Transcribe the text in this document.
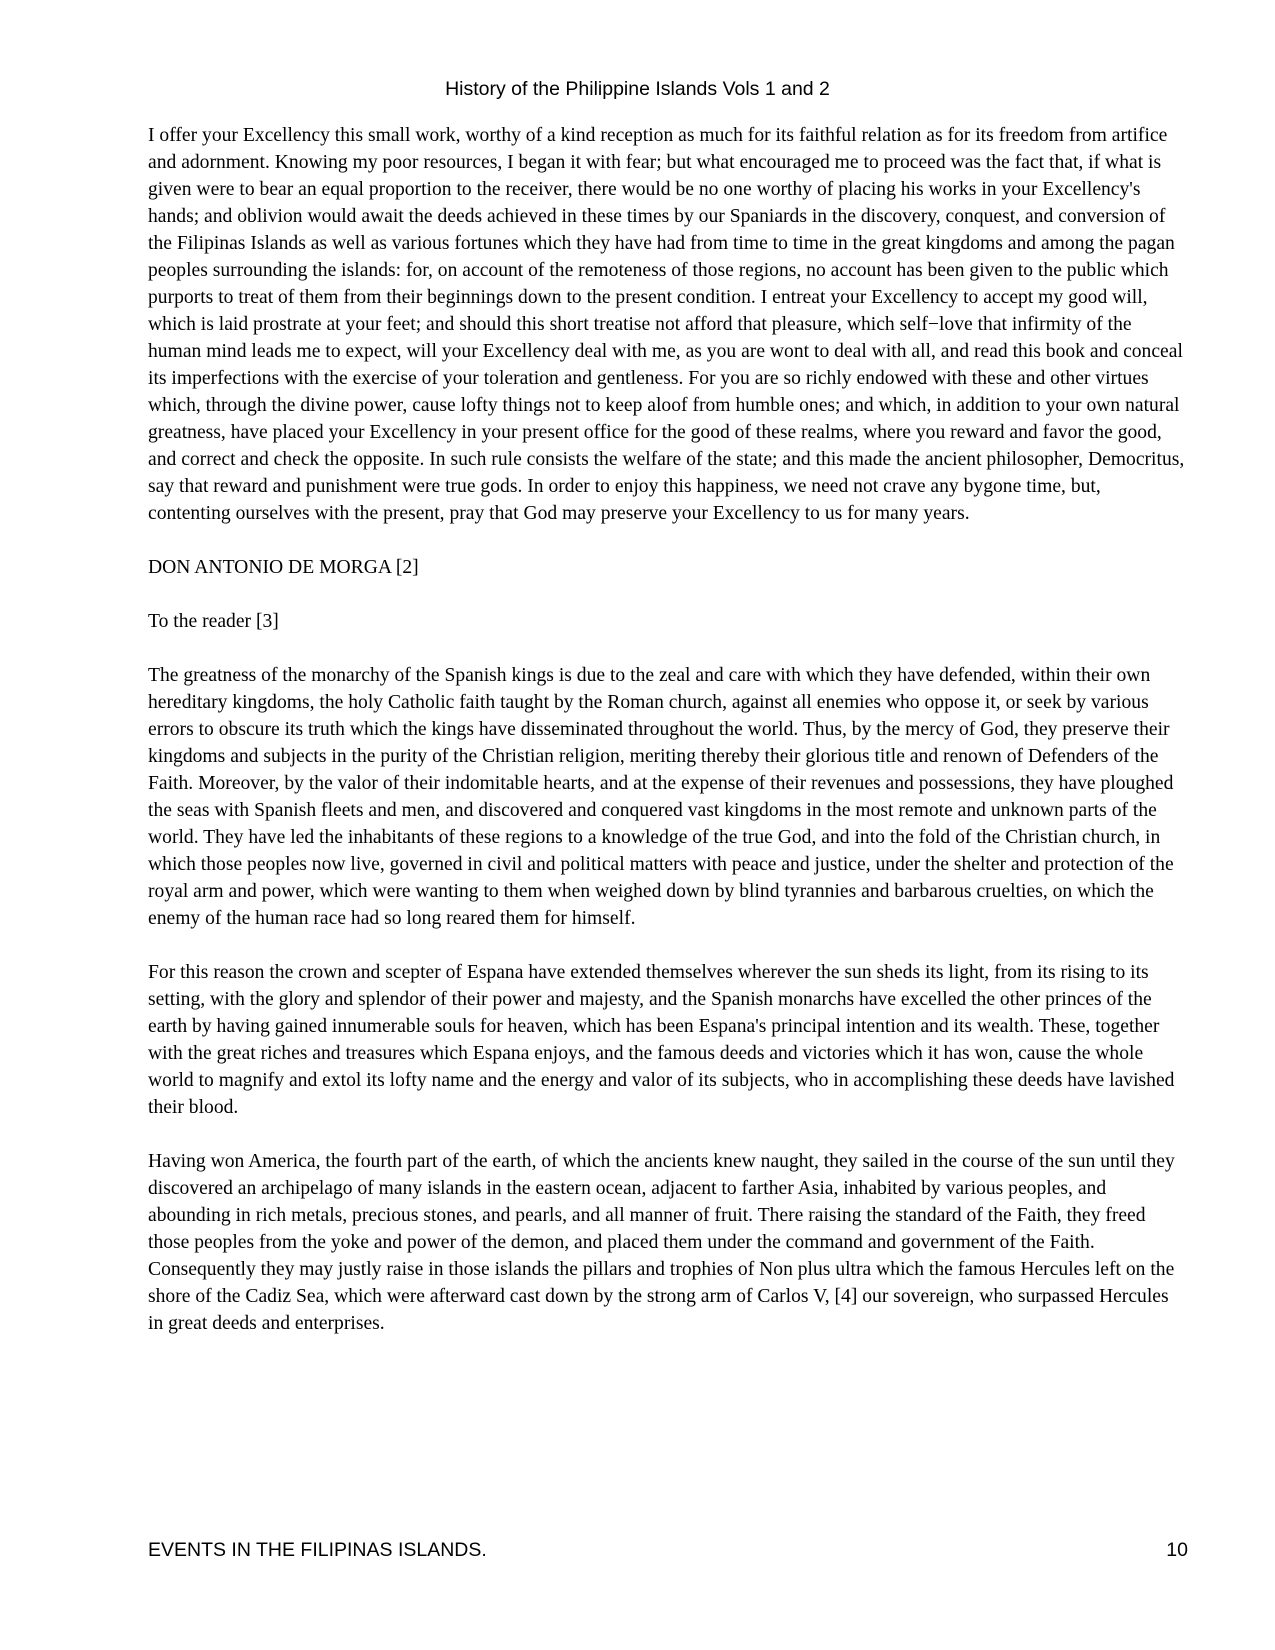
History of the Philippine Islands Vols 1 and 2

I offer your Excellency this small work, worthy of a kind reception as much for its faithful relation as for its freedom from artifice and adornment. Knowing my poor resources, I began it with fear; but what encouraged me to proceed was the fact that, if what is given were to bear an equal proportion to the receiver, there would be no one worthy of placing his works in your Excellency's hands; and oblivion would await the deeds achieved in these times by our Spaniards in the discovery, conquest, and conversion of the Filipinas Islands as well as various fortunes which they have had from time to time in the great kingdoms and among the pagan peoples surrounding the islands: for, on account of the remoteness of those regions, no account has been given to the public which purports to treat of them from their beginnings down to the present condition. I entreat your Excellency to accept my good will, which is laid prostrate at your feet; and should this short treatise not afford that pleasure, which self−love that infirmity of the human mind leads me to expect, will your Excellency deal with me, as you are wont to deal with all, and read this book and conceal its imperfections with the exercise of your toleration and gentleness. For you are so richly endowed with these and other virtues which, through the divine power, cause lofty things not to keep aloof from humble ones; and which, in addition to your own natural greatness, have placed your Excellency in your present office for the good of these realms, where you reward and favor the good, and correct and check the opposite. In such rule consists the welfare of the state; and this made the ancient philosopher, Democritus, say that reward and punishment were true gods. In order to enjoy this happiness, we need not crave any bygone time, but, contenting ourselves with the present, pray that God may preserve your Excellency to us for many years.

DON ANTONIO DE MORGA [2]

To the reader [3]

The greatness of the monarchy of the Spanish kings is due to the zeal and care with which they have defended, within their own hereditary kingdoms, the holy Catholic faith taught by the Roman church, against all enemies who oppose it, or seek by various errors to obscure its truth which the kings have disseminated throughout the world. Thus, by the mercy of God, they preserve their kingdoms and subjects in the purity of the Christian religion, meriting thereby their glorious title and renown of Defenders of the Faith. Moreover, by the valor of their indomitable hearts, and at the expense of their revenues and possessions, they have ploughed the seas with Spanish fleets and men, and discovered and conquered vast kingdoms in the most remote and unknown parts of the world. They have led the inhabitants of these regions to a knowledge of the true God, and into the fold of the Christian church, in which those peoples now live, governed in civil and political matters with peace and justice, under the shelter and protection of the royal arm and power, which were wanting to them when weighed down by blind tyrannies and barbarous cruelties, on which the enemy of the human race had so long reared them for himself.

For this reason the crown and scepter of Espana have extended themselves wherever the sun sheds its light, from its rising to its setting, with the glory and splendor of their power and majesty, and the Spanish monarchs have excelled the other princes of the earth by having gained innumerable souls for heaven, which has been Espana's principal intention and its wealth. These, together with the great riches and treasures which Espana enjoys, and the famous deeds and victories which it has won, cause the whole world to magnify and extol its lofty name and the energy and valor of its subjects, who in accomplishing these deeds have lavished their blood.

Having won America, the fourth part of the earth, of which the ancients knew naught, they sailed in the course of the sun until they discovered an archipelago of many islands in the eastern ocean, adjacent to farther Asia, inhabited by various peoples, and abounding in rich metals, precious stones, and pearls, and all manner of fruit. There raising the standard of the Faith, they freed those peoples from the yoke and power of the demon, and placed them under the command and government of the Faith. Consequently they may justly raise in those islands the pillars and trophies of Non plus ultra which the famous Hercules left on the shore of the Cadiz Sea, which were afterward cast down by the strong arm of Carlos V, [4] our sovereign, who surpassed Hercules in great deeds and enterprises.

EVENTS IN THE FILIPINAS ISLANDS.	10
